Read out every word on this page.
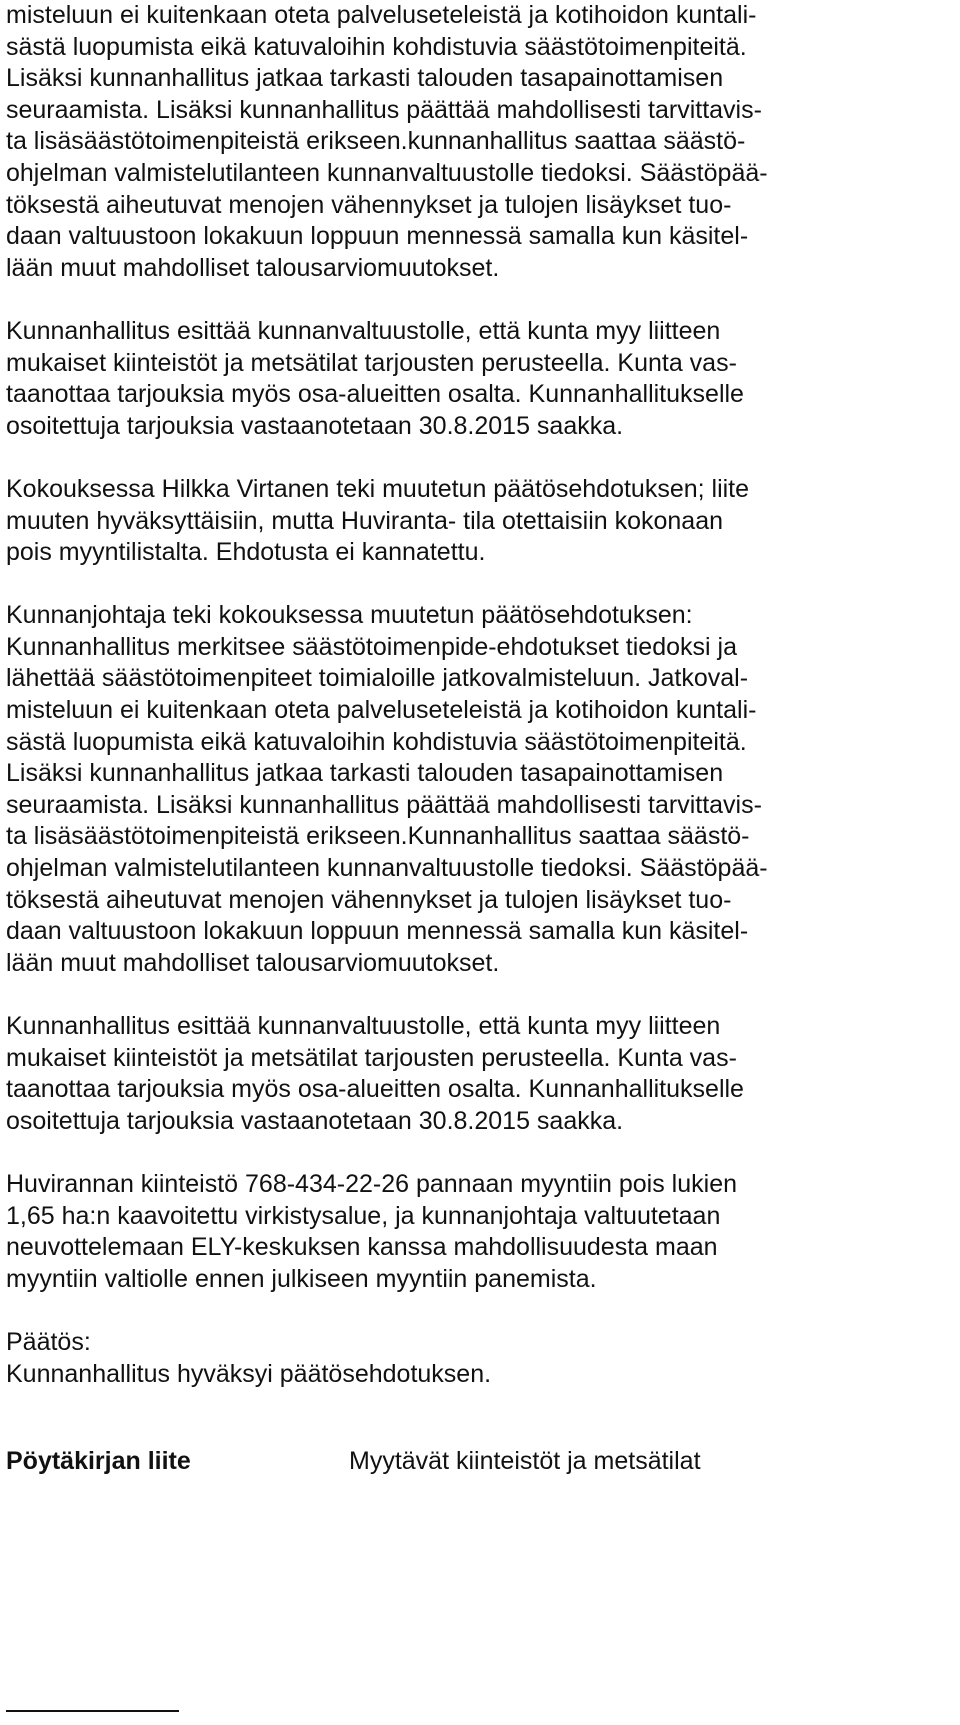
misteluun ei kuitenkaan oteta palveluseteleistä ja kotihoidon kuntali-
sästä luopumista eikä katuvaloihin kohdistuvia säästötoimenpiteitä.
Lisäksi kunnanhallitus jatkaa tarkasti talouden tasapainottamisen
seuraamista. Lisäksi kunnanhallitus päättää mahdollisesti tarvittavis-
ta lisäsäästötoimenpiteistä erikseen.kunnanhallitus saattaa säästö-
ohjelman valmistelutilanteen kunnanvaltuustolle tiedoksi. Säästöpää-
töksestä aiheutuvat menojen vähennykset ja tulojen lisäykset tuo-
daan valtuustoon lokakuun loppuun mennessä samalla kun käsitel-
lään muut mahdolliset talousarviomuutokset.

Kunnanhallitus esittää kunnanvaltuustolle, että kunta myy liitteen
mukaiset kiinteistöt ja metsätilat tarjousten perusteella. Kunta vas-
taanottaa tarjouksia myös osa-alueitten osalta. Kunnanhallitukselle
osoitettuja tarjouksia vastaanotetaan 30.8.2015 saakka.

Kokouksessa Hilkka Virtanen teki muutetun päätösehdotuksen; liite
muuten hyväksyttäisiin, mutta Huviranta- tila otettaisiin kokonaan
pois myyntilistalta. Ehdotusta ei kannatettu.

Kunnanjohtaja teki kokouksessa muutetun päätösehdotuksen:
Kunnanhallitus merkitsee säästötoimenpide-ehdotukset tiedoksi ja
lähettää säästötoimenpiteet toimialoille jatkovalmisteluun. Jatkoval-
misteluun ei kuitenkaan oteta palveluseteleistä ja kotihoidon kuntali-
sästä luopumista eikä katuvaloihin kohdistuvia säästötoimenpiteitä.
Lisäksi kunnanhallitus jatkaa tarkasti talouden tasapainottamisen
seuraamista. Lisäksi kunnanhallitus päättää mahdollisesti tarvittavis-
ta lisäsäästötoimenpiteistä erikseen.Kunnanhallitus saattaa säästö-
ohjelman valmistelutilanteen kunnanvaltuustolle tiedoksi. Säästöpää-
töksestä aiheutuvat menojen vähennykset ja tulojen lisäykset tuo-
daan valtuustoon lokakuun loppuun mennessä samalla kun käsitel-
lään muut mahdolliset talousarviomuutokset.

Kunnanhallitus esittää kunnanvaltuustolle, että kunta myy liitteen
mukaiset kiinteistöt ja metsätilat tarjousten perusteella. Kunta vas-
taanottaa tarjouksia myös osa-alueitten osalta. Kunnanhallitukselle
osoitettuja tarjouksia vastaanotetaan 30.8.2015 saakka.

Huvirannan kiinteistö 768-434-22-26 pannaan myyntiin pois lukien
1,65 ha:n kaavoitettu virkistysalue, ja kunnanjohtaja valtuutetaan
neuvottelemaan ELY-keskuksen kanssa mahdollisuudesta maan
myyntiin valtiolle ennen julkiseen myyntiin panemista.

Päätös:
Kunnanhallitus hyväksyi päätösehdotuksen.
Pöytäkirjan liite	Myytävät kiinteistöt ja metsätilat
